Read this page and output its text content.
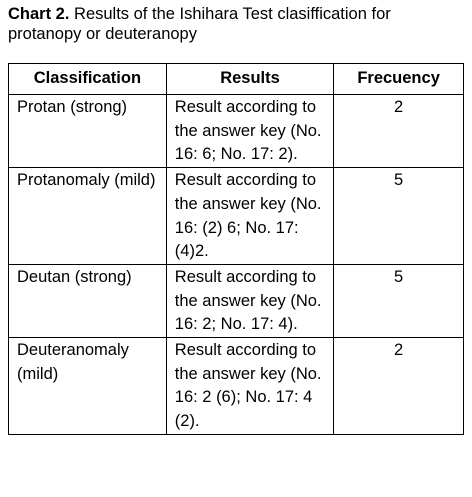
Chart 2. Results of the Ishihara Test clasiffication for protanopy or deuteranopy
Classification	Results	Frecuency
Protan (strong)	Result according to the answer key (No. 16: 6; No. 17: 2).	2
Protanomaly (mild)	Result according to the answer key (No. 16: (2) 6; No. 17: (4)2.	5
Deutan (strong)	Result according to the answer key (No. 16: 2; No. 17: 4).	5
Deuteranomaly (mild)	Result according to the answer key (No. 16: 2 (6); No. 17: 4 (2).	2
